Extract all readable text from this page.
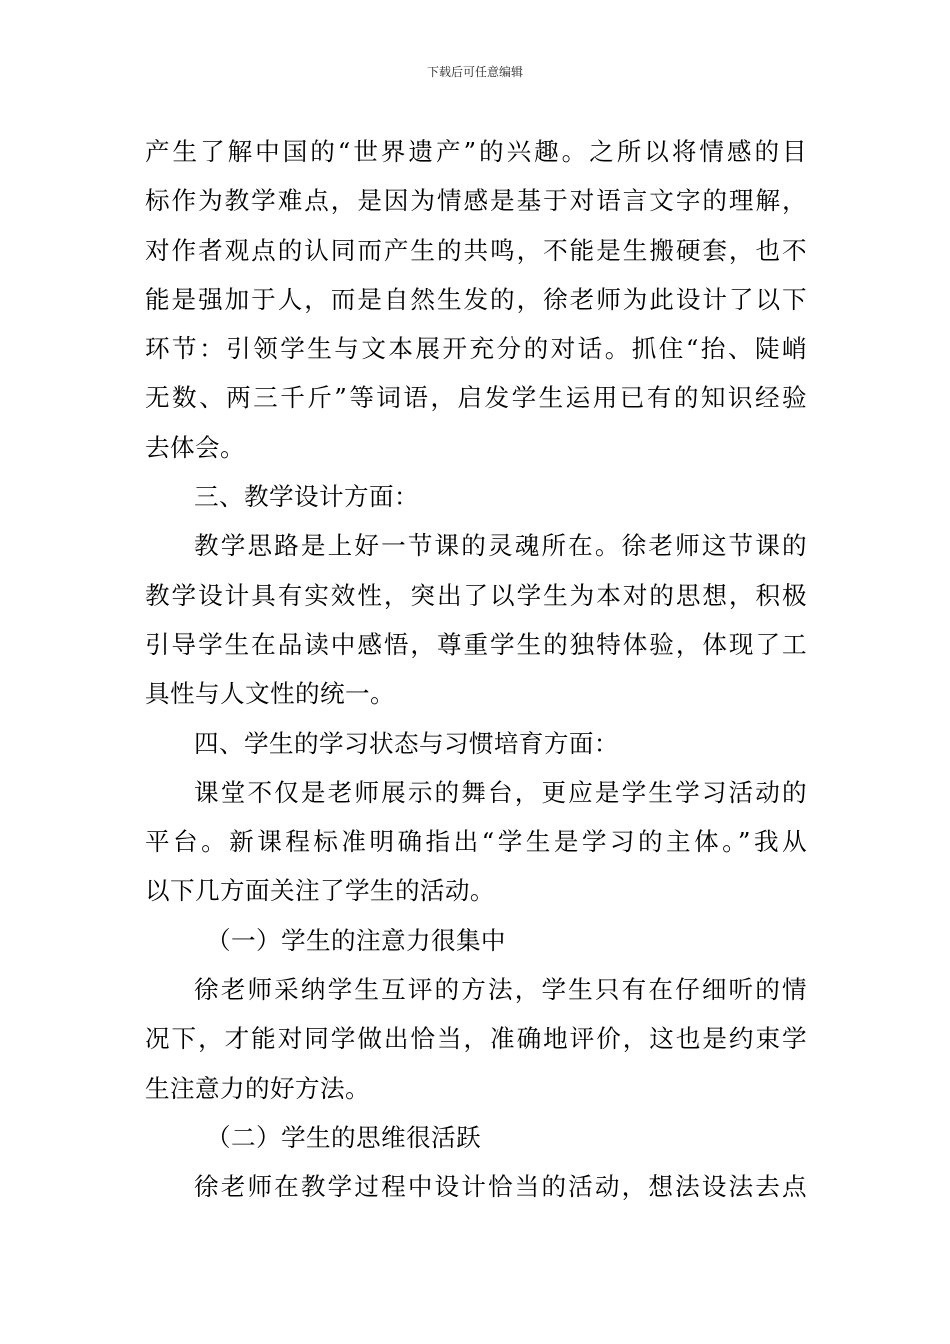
下载后可任意编辑
产生了解中国的“世界遗产”的兴趣。之所以将情感的目
标作为教学难点，是因为情感是基于对语言文字的理解，
对作者观点的认同而产生的共鸣，不能是生搬硬套，也不
能是强加于人，而是自然生发的，徐老师为此设计了以下
环节：引领学生与文本展开充分的对话。抓住“抬、陡峭
无数、两三千斤”等词语，启发学生运用已有的知识经验
去体会。
三、教学设计方面：
教学思路是上好一节课的灵魂所在。徐老师这节课的
教学设计具有实效性，突出了以学生为本对的思想，积极
引导学生在品读中感悟，尊重学生的独特体验，体现了工
具性与人文性的统一。
四、学生的学习状态与习惯培育方面：
课堂不仅是老师展示的舞台，更应是学生学习活动的
平台。新课程标准明确指出“学生是学习的主体。”我从
以下几方面关注了学生的活动。
（一）学生的注意力很集中
徐老师采纳学生互评的方法，学生只有在仔细听的情
况下，才能对同学做出恰当，准确地评价，这也是约束学
生注意力的好方法。
（二）学生的思维很活跃
徐老师在教学过程中设计恰当的活动，想法设法去点
